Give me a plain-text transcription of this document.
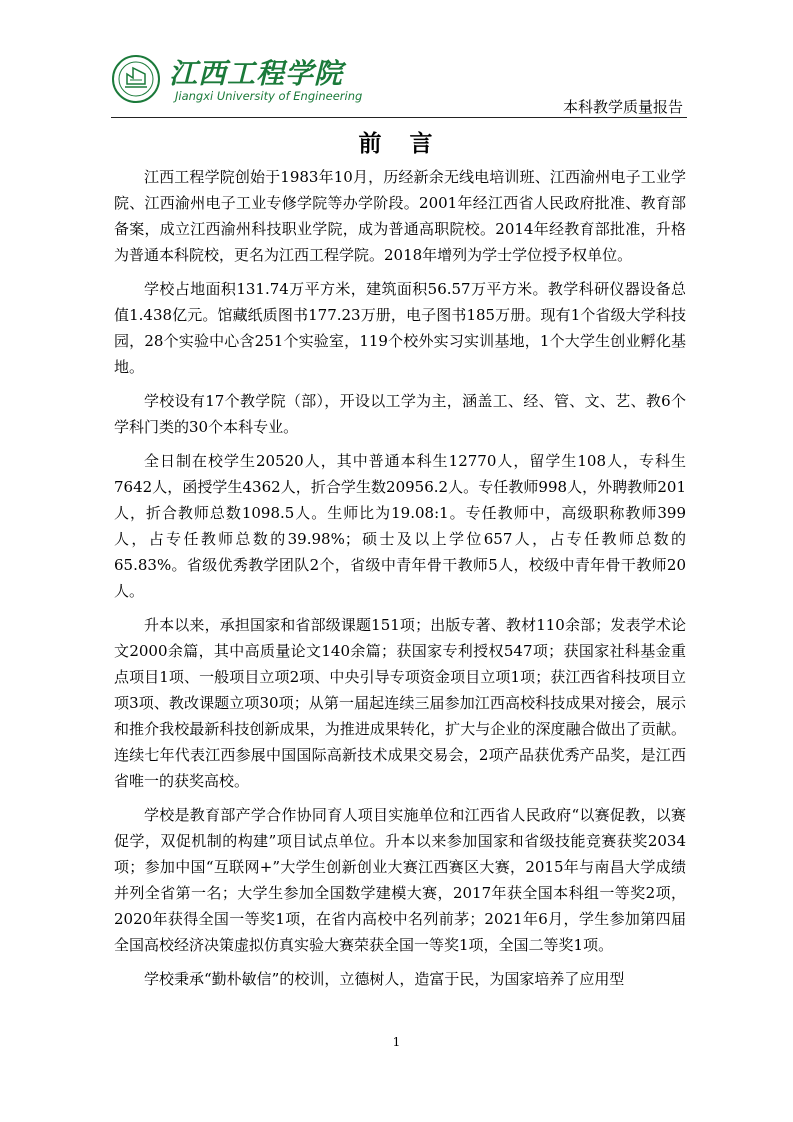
江西工程学院
Jiangxi University of Engineering
本科教学质量报告
前 言

江西工程学院创始于1983年10月，历经新余无线电培训班、江西渝州电子工业学院、江西渝州电子工业专修学院等办学阶段。2001年经江西省人民政府批准、教育部备案，成立江西渝州科技职业学院，成为普通高职院校。2014年经教育部批准，升格为普通本科院校，更名为江西工程学院。2018年增列为学士学位授予权单位。

学校占地面积131.74万平方米，建筑面积56.57万平方米。教学科研仪器设备总值1.438亿元。馆藏纸质图书177.23万册，电子图书185万册。现有1个省级大学科技园，28个实验中心含251个实验室，119个校外实习实训基地，1个大学生创业孵化基地。

学校设有17个教学院（部），开设以工学为主，涵盖工、经、管、文、艺、教6个学科门类的30个本科专业。

全日制在校学生20520人，其中普通本科生12770人，留学生108人，专科生7642人，函授学生4362人，折合学生数20956.2人。专任教师998人，外聘教师201人，折合教师总数1098.5人。生师比为19.08:1。专任教师中，高级职称教师399人，占专任教师总数的39.98%；硕士及以上学位657人，占专任教师总数的65.83%。省级优秀教学团队2个，省级中青年骨干教师5人，校级中青年骨干教师20人。

升本以来，承担国家和省部级课题151项；出版专著、教材110余部；发表学术论文2000余篇，其中高质量论文140余篇；获国家专利授权547项；获国家社科基金重点项目1项、一般项目立项2项、中央引导专项资金项目立项1项；获江西省科技项目立项3项、教改课题立项30项；从第一届起连续三届参加江西高校科技成果对接会，展示和推介我校最新科技创新成果，为推进成果转化，扩大与企业的深度融合做出了贡献。连续七年代表江西参展中国国际高新技术成果交易会，2项产品获优秀产品奖，是江西省唯一的获奖高校。

学校是教育部产学合作协同育人项目实施单位和江西省人民政府“以赛促教，以赛促学，双促机制的构建”项目试点单位。升本以来参加国家和省级技能竞赛获奖2034项；参加中国“互联网+”大学生创新创业大赛江西赛区大赛，2015年与南昌大学成绩并列全省第一名；大学生参加全国数学建模大赛，2017年获全国本科组一等奖2项，2020年获得全国一等奖1项，在省内高校中名列前茅；2021年6月，学生参加第四届全国高校经济决策虚拟仿真实验大赛荣获全国一等奖1项，全国二等奖1项。

学校秉承“勤朴敏信”的校训，立德树人，造富于民，为国家培养了应用型

1
